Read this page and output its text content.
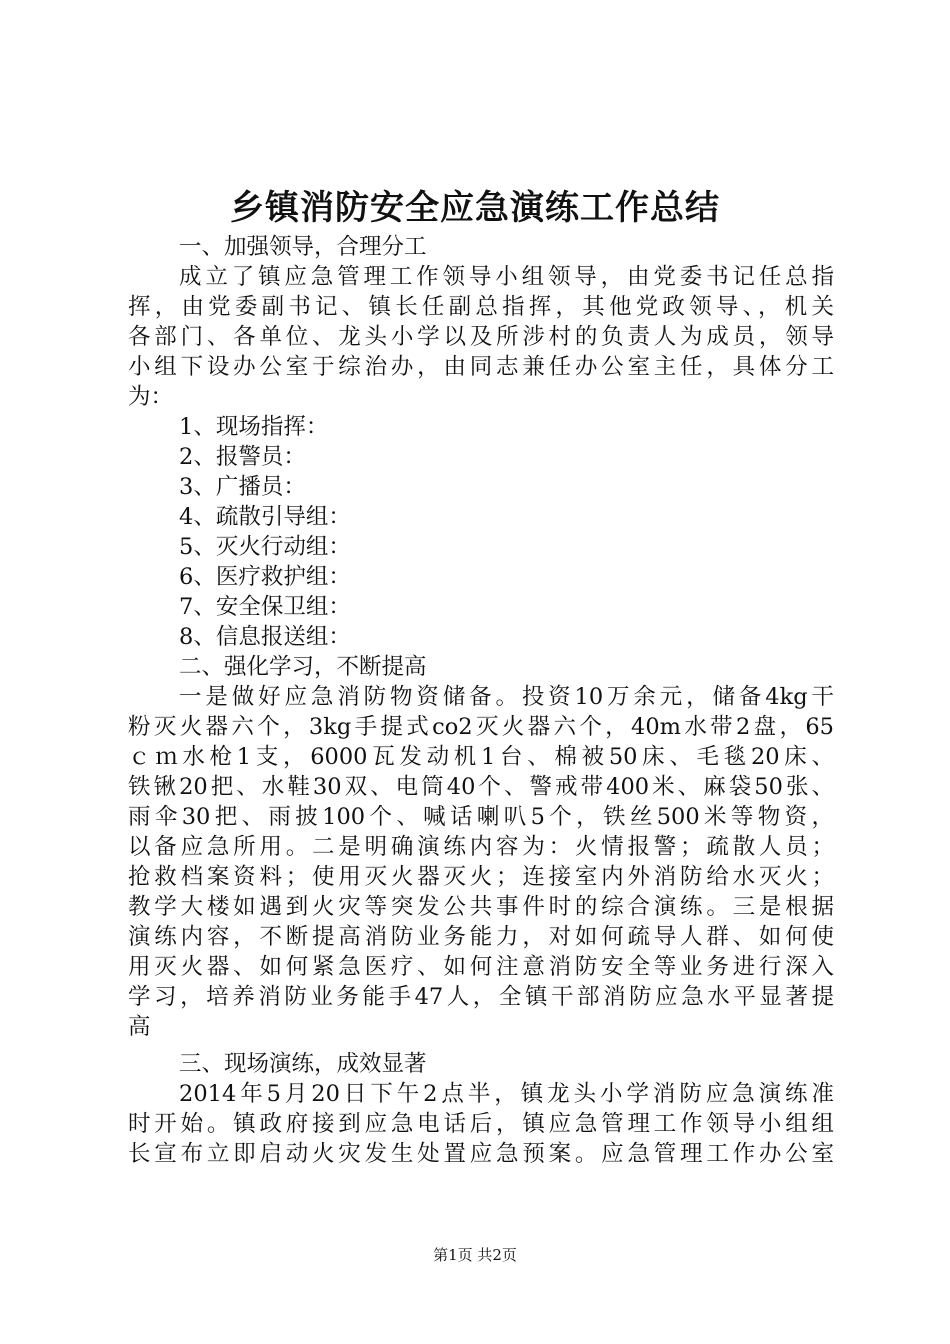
乡镇消防安全应急演练工作总结
一、加强领导，合理分工
成立了镇应急管理工作领导小组领导，由党委书记任总指
挥，由党委副书记、镇长任副总指挥，其他党政领导、，机关
各部门、各单位、龙头小学以及所涉村的负责人为成员，领导
小组下设办公室于综治办，由同志兼任办公室主任，具体分工
为：
1、现场指挥：
2、报警员：
3、广播员：
4、疏散引导组：
5、灭火行动组：
6、医疗救护组：
7、安全保卫组：
8、信息报送组：
二、强化学习，不断提高
一是做好应急消防物资储备。投资10万余元，储备4kg干
粉灭火器六个，3kg手提式co2灭火器六个，40m水带2盘，65
ｃｍ水枪1支，6000瓦发动机1台、棉被50床、毛毯20床、
铁锹20把、水鞋30双、电筒40个、警戒带400米、麻袋50张、
雨伞30把、雨披100个、喊话喇叭5个，铁丝500米等物资，
以备应急所用。二是明确演练内容为：火情报警；疏散人员；
抢救档案资料；使用灭火器灭火；连接室内外消防给水灭火；
教学大楼如遇到火灾等突发公共事件时的综合演练。三是根据
演练内容，不断提高消防业务能力，对如何疏导人群、如何使
用灭火器、如何紧急医疗、如何注意消防安全等业务进行深入
学习，培养消防业务能手47人，全镇干部消防应急水平显著提
高
三、现场演练，成效显著
2014年5月20日下午2点半，镇龙头小学消防应急演练准
时开始。镇政府接到应急电话后，镇应急管理工作领导小组组
长宣布立即启动火灾发生处置应急预案。应急管理工作办公室
第1页 共2页
